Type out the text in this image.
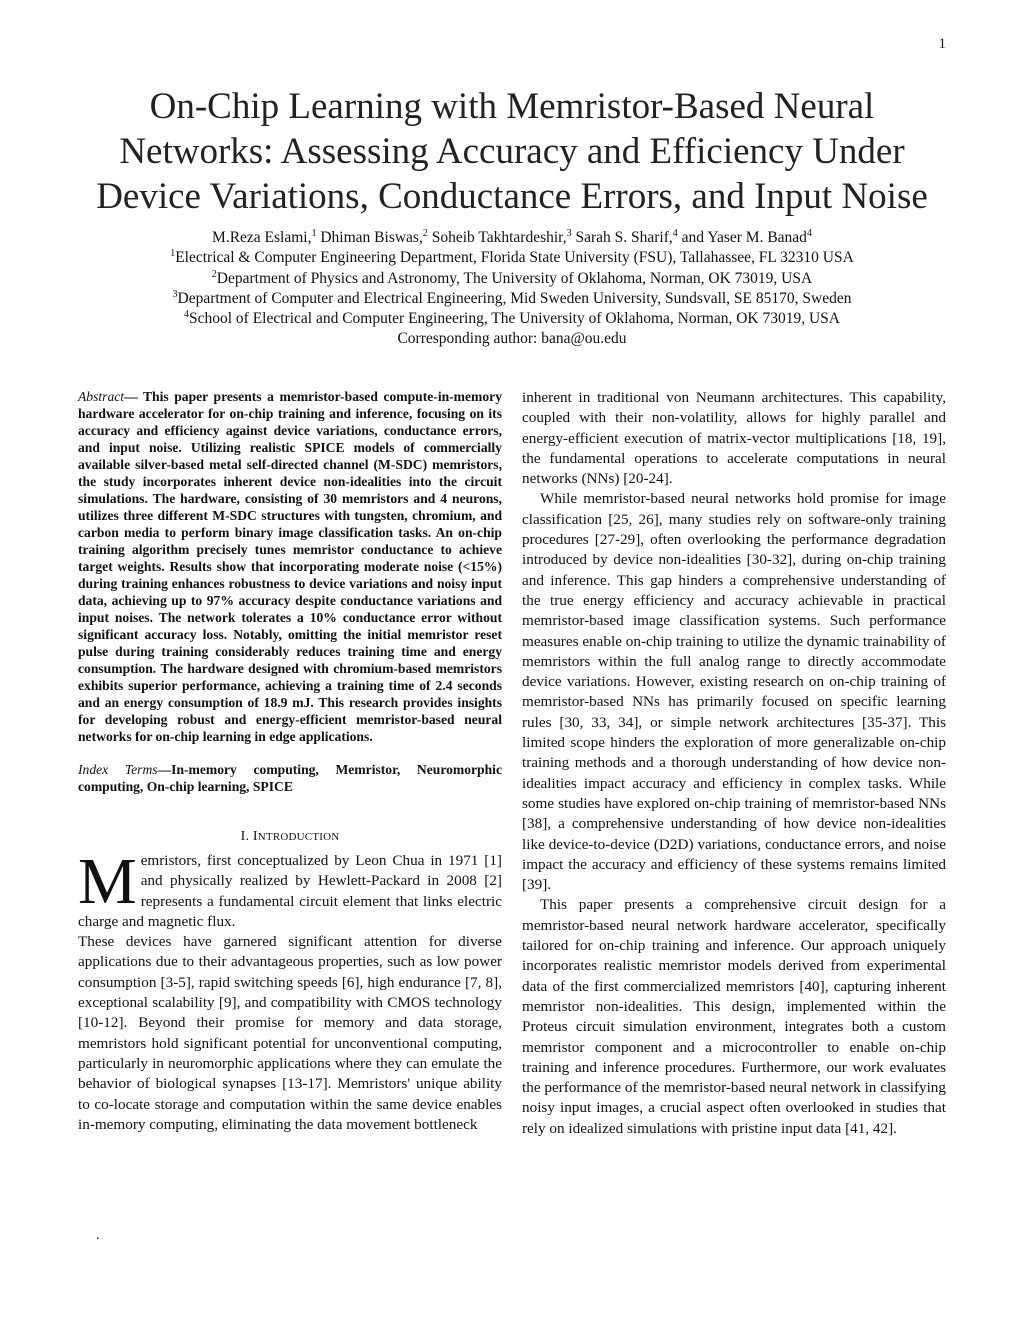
1
On-Chip Learning with Memristor-Based Neural
Networks: Assessing Accuracy and Efficiency Under
Device Variations, Conductance Errors, and Input Noise
M.Reza Eslami,$^1$ Dhiman Biswas,$^2$ Soheib Takhtardeshir,$^3$ Sarah S. Sharif,$^4$ and Yaser M. Banad$^4$
$^1$Electrical & Computer Engineering Department, Florida State University (FSU), Tallahassee, FL 32310 USA
$^2$Department of Physics and Astronomy, The University of Oklahoma, Norman, OK 73019, USA
$^3$Department of Computer and Electrical Engineering, Mid Sweden University, Sundsvall, SE 85170, Sweden
$^4$School of Electrical and Computer Engineering, The University of Oklahoma, Norman, OK 73019, USA
Corresponding author: bana@ou.edu

Abstract— This paper presents a memristor-based compute-in-memory hardware accelerator for on-chip training and inference, focusing on its accuracy and efficiency against device variations, conductance errors, and input noise. Utilizing realistic SPICE models of commercially available silver-based metal self-directed channel (M-SDC) memristors, the study incorporates inherent device non-idealities into the circuit simulations. The hardware, consisting of 30 memristors and 4 neurons, utilizes three different M-SDC structures with tungsten, chromium, and carbon media to perform binary image classification tasks. An on-chip training algorithm precisely tunes memristor conductance to achieve target weights. Results show that incorporating moderate noise (<15%) during training enhances robustness to device variations and noisy input data, achieving up to 97% accuracy despite conductance variations and input noises. The network tolerates a 10% conductance error without significant accuracy loss. Notably, omitting the initial memristor reset pulse during training considerably reduces training time and energy consumption. The hardware designed with chromium-based memristors exhibits superior performance, achieving a training time of 2.4 seconds and an energy consumption of 18.9 mJ. This research provides insights for developing robust and energy-efficient memristor-based neural networks for on-chip learning in edge applications.

Index Terms—In-memory computing, Memristor, Neuromorphic computing, On-chip learning, SPICE

I. INTRODUCTION

Memristors, first conceptualized by Leon Chua in 1971 [1] and physically realized by Hewlett-Packard in 2008 [2] represents a fundamental circuit element that links electric charge and magnetic flux.

These devices have garnered significant attention for diverse applications due to their advantageous properties, such as low power consumption [3-5], rapid switching speeds [6], high endurance [7, 8], exceptional scalability [9], and compatibility with CMOS technology [10-12]. Beyond their promise for memory and data storage, memristors hold significant potential for unconventional computing, particularly in neuromorphic applications where they can emulate the behavior of biological synapses [13-17]. Memristors' unique ability to co-locate storage and computation within the same device enables in-memory computing, eliminating the data movement bottleneck

inherent in traditional von Neumann architectures. This capability, coupled with their non-volatility, allows for highly parallel and energy-efficient execution of matrix-vector multiplications [18, 19], the fundamental operations to accelerate computations in neural networks (NNs) [20-24].

While memristor-based neural networks hold promise for image classification [25, 26], many studies rely on software-only training procedures [27-29], often overlooking the performance degradation introduced by device non-idealities [30-32], during on-chip training and inference. This gap hinders a comprehensive understanding of the true energy efficiency and accuracy achievable in practical memristor-based image classification systems. Such performance measures enable on-chip training to utilize the dynamic trainability of memristors within the full analog range to directly accommodate device variations. However, existing research on on-chip training of memristor-based NNs has primarily focused on specific learning rules [30, 33, 34], or simple network architectures [35-37]. This limited scope hinders the exploration of more generalizable on-chip training methods and a thorough understanding of how device non-idealities impact accuracy and efficiency in complex tasks. While some studies have explored on-chip training of memristor-based NNs [38], a comprehensive understanding of how device non-idealities like device-to-device (D2D) variations, conductance errors, and noise impact the accuracy and efficiency of these systems remains limited [39].

This paper presents a comprehensive circuit design for a memristor-based neural network hardware accelerator, specifically tailored for on-chip training and inference. Our approach uniquely incorporates realistic memristor models derived from experimental data of the first commercialized memristors [40], capturing inherent memristor non-idealities. This design, implemented within the Proteus circuit simulation environment, integrates both a custom memristor component and a microcontroller to enable on-chip training and inference procedures. Furthermore, our work evaluates the performance of the memristor-based neural network in classifying noisy input images, a crucial aspect often overlooked in studies that rely on idealized simulations with pristine input data [41, 42].

.
